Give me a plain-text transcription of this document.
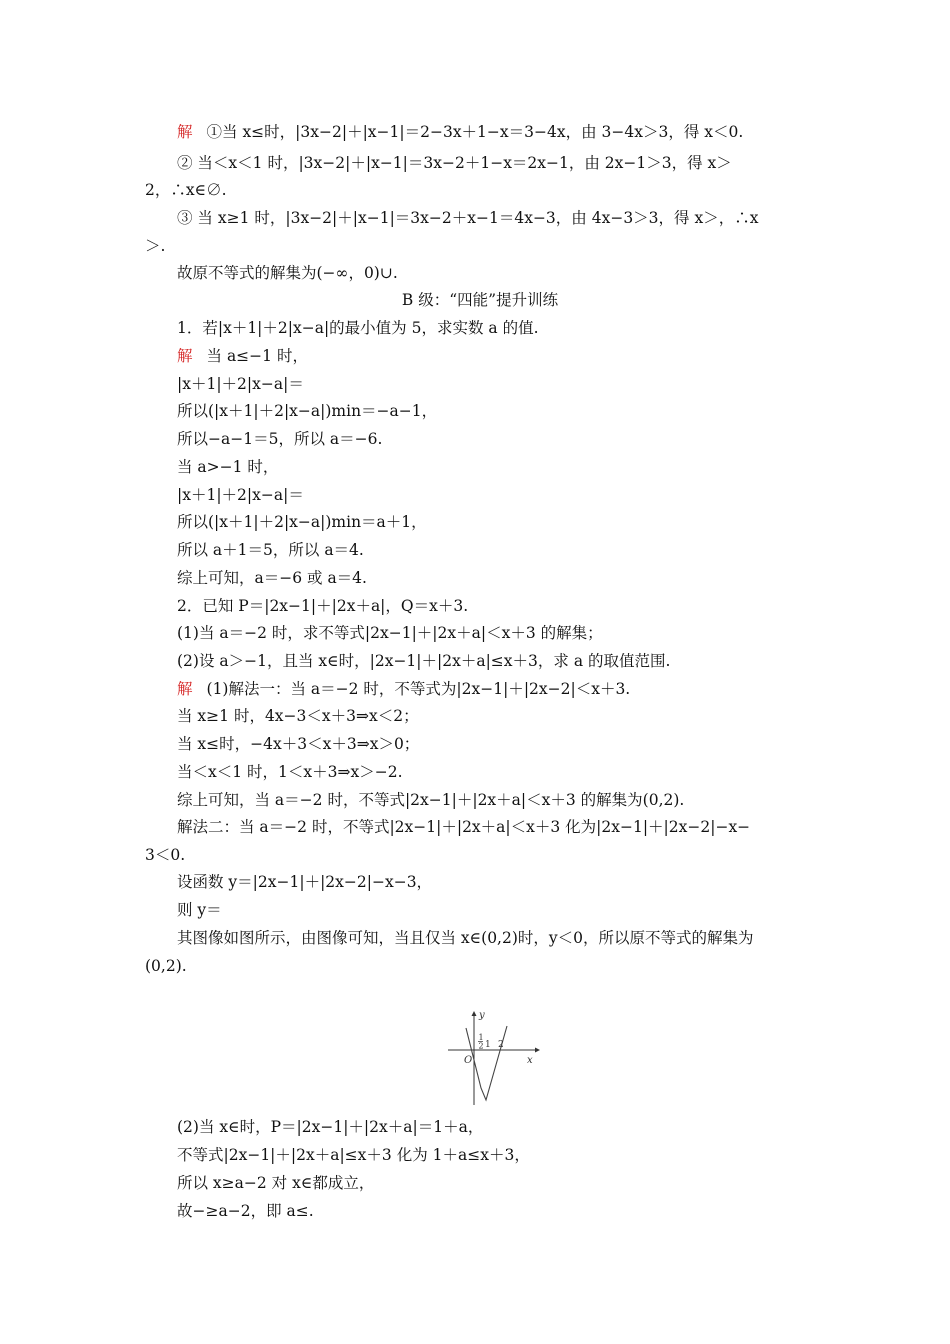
解 ①当 x≤时，|3x−2|＋|x−1|＝2−3x＋1−x＝3−4x，由 3−4x＞3，得 x＜0.
② 当＜x＜1 时，|3x−2|＋|x−1|＝3x−2＋1−x＝2x−1，由 2x−1＞3，得 x＞
2，∴x∈∅.
③ 当 x≥1 时，|3x−2|＋|x−1|＝3x−2＋x−1＝4x−3，由 4x−3＞3，得 x＞，∴x
＞.
故原不等式的解集为(−∞，0)∪.
B 级：“四能”提升训练
1．若|x＋1|＋2|x−a|的最小值为 5，求实数 a 的值.
解 当 a≤−1 时，
|x＋1|＋2|x−a|＝
所以(|x＋1|＋2|x−a|)min＝−a−1，
所以−a−1＝5，所以 a＝−6.
当 a>−1 时，
|x＋1|＋2|x−a|＝
所以(|x＋1|＋2|x−a|)min＝a＋1，
所以 a＋1＝5，所以 a＝4.
综上可知，a＝−6 或 a＝4.
2．已知 P＝|2x−1|＋|2x＋a|，Q＝x＋3.
(1)当 a＝−2 时，求不等式|2x−1|＋|2x＋a|＜x＋3 的解集；
(2)设 a＞−1，且当 x∈时，|2x−1|＋|2x＋a|≤x＋3，求 a 的取值范围.
解 (1)解法一：当 a＝−2 时，不等式为|2x−1|＋|2x−2|＜x＋3.
当 x≥1 时，4x−3＜x＋3⇒x＜2；
当 x≤时，−4x＋3＜x＋3⇒x＞0；
当＜x＜1 时，1＜x＋3⇒x＞−2.
综上可知，当 a＝−2 时，不等式|2x−1|＋|2x＋a|＜x＋3 的解集为(0,2).
解法二：当 a＝−2 时，不等式|2x−1|＋|2x＋a|＜x＋3 化为|2x−1|＋|2x−2|−x−
3＜0.
设函数 y＝|2x−1|＋|2x−2|−x−3，
则 y＝
其图像如图所示，由图像可知，当且仅当 x∈(0,2)时，y＜0，所以原不等式的解集为
(0,2).
y
x
O
1
2 1 2
(2)当 x∈时，P＝|2x−1|＋|2x＋a|＝1＋a，
不等式|2x−1|＋|2x＋a|≤x＋3 化为 1＋a≤x＋3，
所以 x≥a−2 对 x∈都成立，
故−≥a−2，即 a≤.
